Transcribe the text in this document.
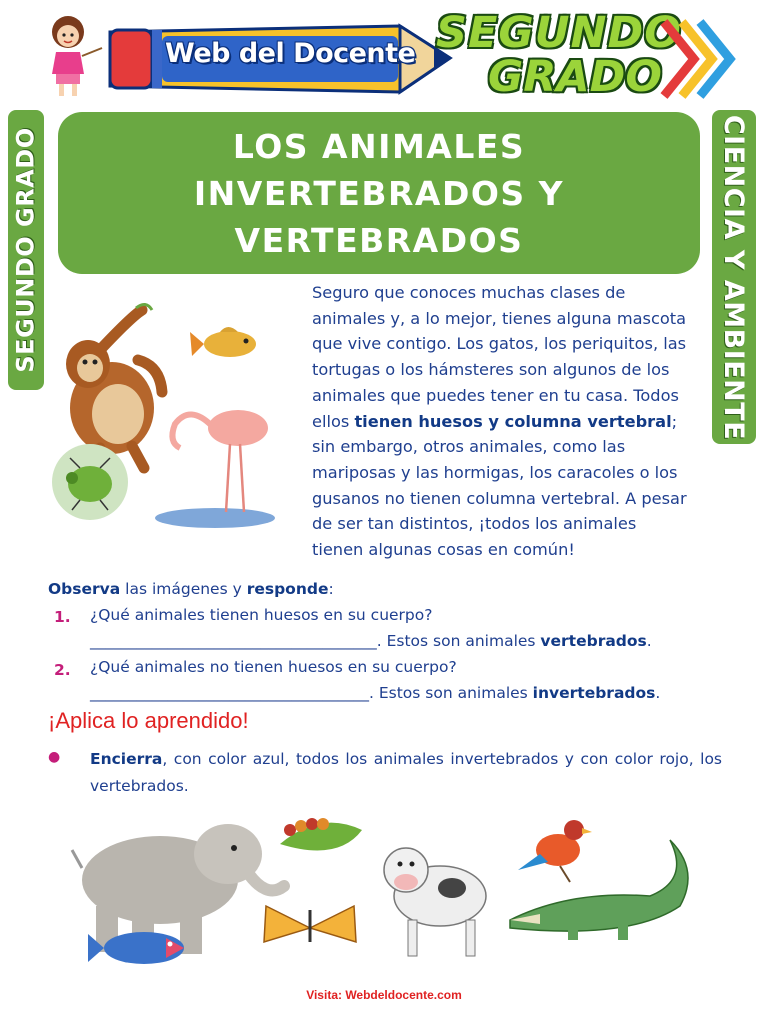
Web del Docente SEGUNDO
GRADO
SEGUNDO GRADO	CIENCIA Y AMBIENTE
LOS ANIMALES INVERTEBRADOS Y VERTEBRADOS
Seguro que conoces muchas clases de animales y, a lo mejor, tienes alguna mascota que vive contigo. Los gatos, los periquitos, las tortugas o los hámsteres son algunos de los animales que puedes tener en tu casa. Todos ellos tienen huesos y columna vertebral; sin embargo, otros animales, como las mariposas y las hormigas, los caracoles o los gusanos no tienen columna vertebral. A pesar de ser tan distintos, ¡todos los animales tienen algunas cosas en común!
Observa las imágenes y responde:
1. ¿Qué animales tienen huesos en su cuerpo?
_____________________________________. Estos son animales vertebrados.
2. ¿Qué animales no tienen huesos en su cuerpo?
____________________________________. Estos son animales invertebrados.
¡Aplica lo aprendido!
● Encierra, con color azul, todos los animales invertebrados y con color rojo, los vertebrados.
Visita: Webdeldocente.com
